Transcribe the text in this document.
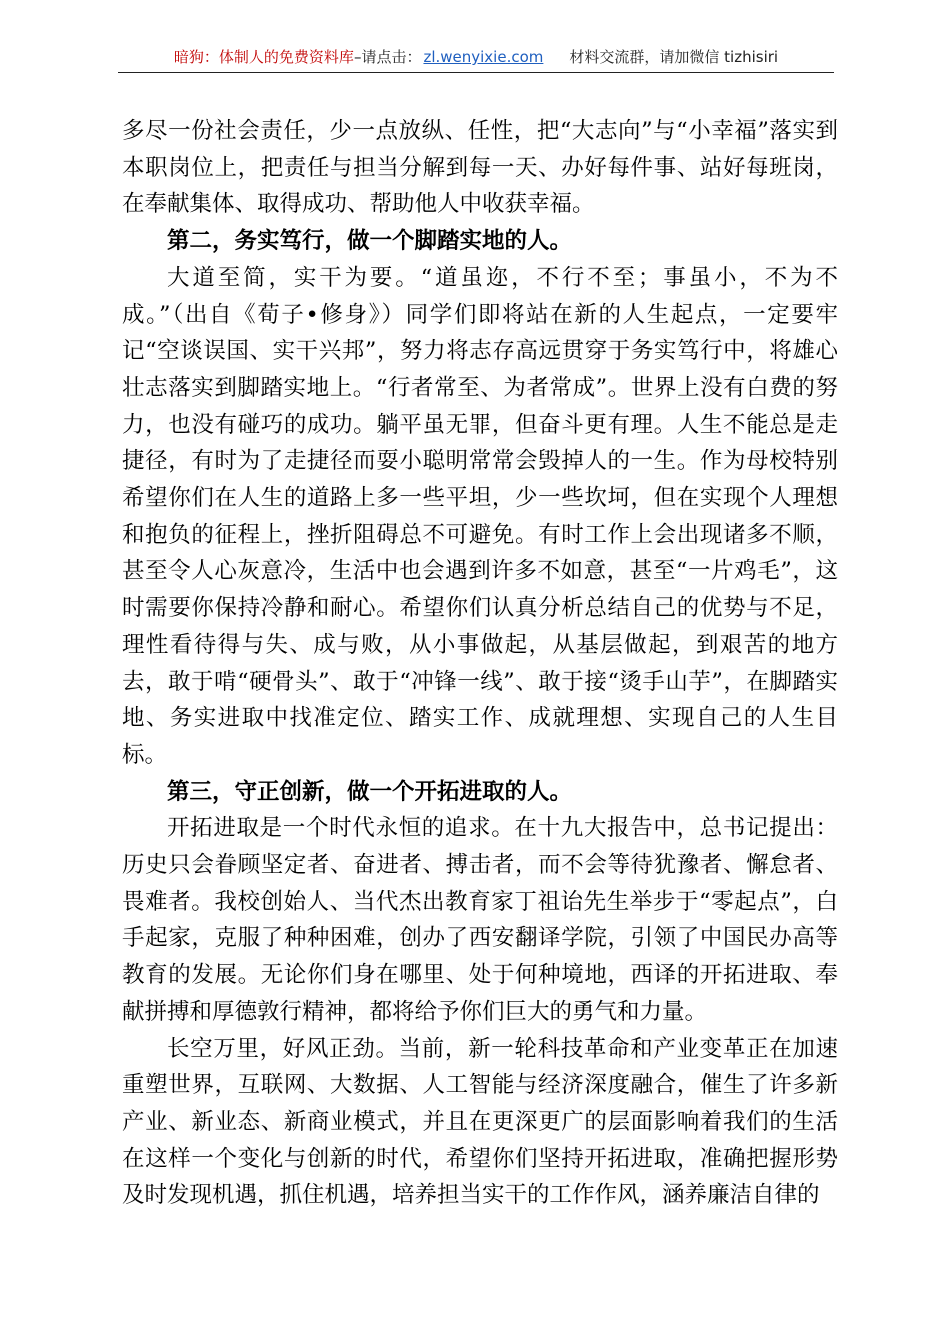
暗狗：体制人的免费资料库–请点击： zl.wenyixie.com 材料交流群，请加微信 tizhisiri

多尽一份社会责任，少一点放纵、任性，把“大志向”与“小幸福”落实到本职岗位上，把责任与担当分解到每一天、办好每件事、站好每班岗，在奉献集体、取得成功、帮助他人中收获幸福。

第二，务实笃行，做一个脚踏实地的人。

大道至简，实干为要。“道虽迩，不行不至；事虽小，不为不成。”（出自《荀子•修身》）同学们即将站在新的人生起点，一定要牢记“空谈误国、实干兴邦”，努力将志存高远贯穿于务实笃行中，将雄心壮志落实到脚踏实地上。“行者常至、为者常成”。世界上没有白费的努力，也没有碰巧的成功。躺平虽无罪，但奋斗更有理。人生不能总是走捷径，有时为了走捷径而耍小聪明常常会毁掉人的一生。作为母校特别希望你们在人生的道路上多一些平坦，少一些坎坷，但在实现个人理想和抱负的征程上，挫折阻碍总不可避免。有时工作上会出现诸多不顺，甚至令人心灰意冷，生活中也会遇到许多不如意，甚至“一片鸡毛”，这时需要你保持冷静和耐心。希望你们认真分析总结自己的优势与不足，理性看待得与失、成与败，从小事做起，从基层做起，到艰苦的地方去，敢于啃“硬骨头”、敢于“冲锋一线”、敢于接“烫手山芋”，在脚踏实地、务实进取中找准定位、踏实工作、成就理想、实现自己的人生目标。

第三，守正创新，做一个开拓进取的人。

开拓进取是一个时代永恒的追求。在十九大报告中，总书记提出：历史只会眷顾坚定者、奋进者、搏击者，而不会等待犹豫者、懈怠者、畏难者。我校创始人、当代杰出教育家丁祖诒先生举步于“零起点”，白手起家，克服了种种困难，创办了西安翻译学院，引领了中国民办高等教育的发展。无论你们身在哪里、处于何种境地，西译的开拓进取、奉献拼搏和厚德敦行精神，都将给予你们巨大的勇气和力量。

长空万里，好风正劲。当前，新一轮科技革命和产业变革正在加速重塑世界，互联网、大数据、人工智能与经济深度融合，催生了许多新产业、新业态、新商业模式，并且在更深更广的层面影响着我们的生活在这样一个变化与创新的时代，希望你们坚持开拓进取，准确把握形势及时发现机遇，抓住机遇，培养担当实干的工作作风，涵养廉洁自律的
